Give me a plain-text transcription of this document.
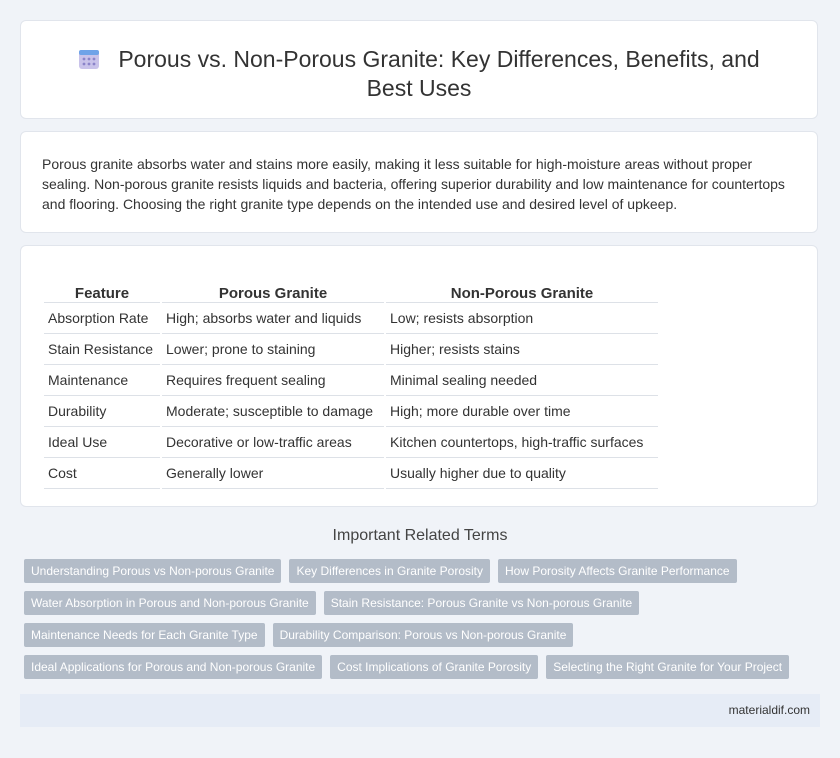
Porous vs. Non-Porous Granite: Key Differences, Benefits, and Best Uses
Porous granite absorbs water and stains more easily, making it less suitable for high-moisture areas without proper sealing. Non-porous granite resists liquids and bacteria, offering superior durability and low maintenance for countertops and flooring. Choosing the right granite type depends on the intended use and desired level of upkeep.
Feature	Porous Granite	Non-Porous Granite
Absorption Rate	High; absorbs water and liquids	Low; resists absorption
Stain Resistance	Lower; prone to staining	Higher; resists stains
Maintenance	Requires frequent sealing	Minimal sealing needed
Durability	Moderate; susceptible to damage	High; more durable over time
Ideal Use	Decorative or low-traffic areas	Kitchen countertops, high-traffic surfaces
Cost	Generally lower	Usually higher due to quality
Important Related Terms
Understanding Porous vs Non-porous Granite	Key Differences in Granite Porosity	How Porosity Affects Granite Performance
Water Absorption in Porous and Non-porous Granite	Stain Resistance: Porous Granite vs Non-porous Granite
Maintenance Needs for Each Granite Type	Durability Comparison: Porous vs Non-porous Granite
Ideal Applications for Porous and Non-porous Granite	Cost Implications of Granite Porosity	Selecting the Right Granite for Your Project
materialdif.com
